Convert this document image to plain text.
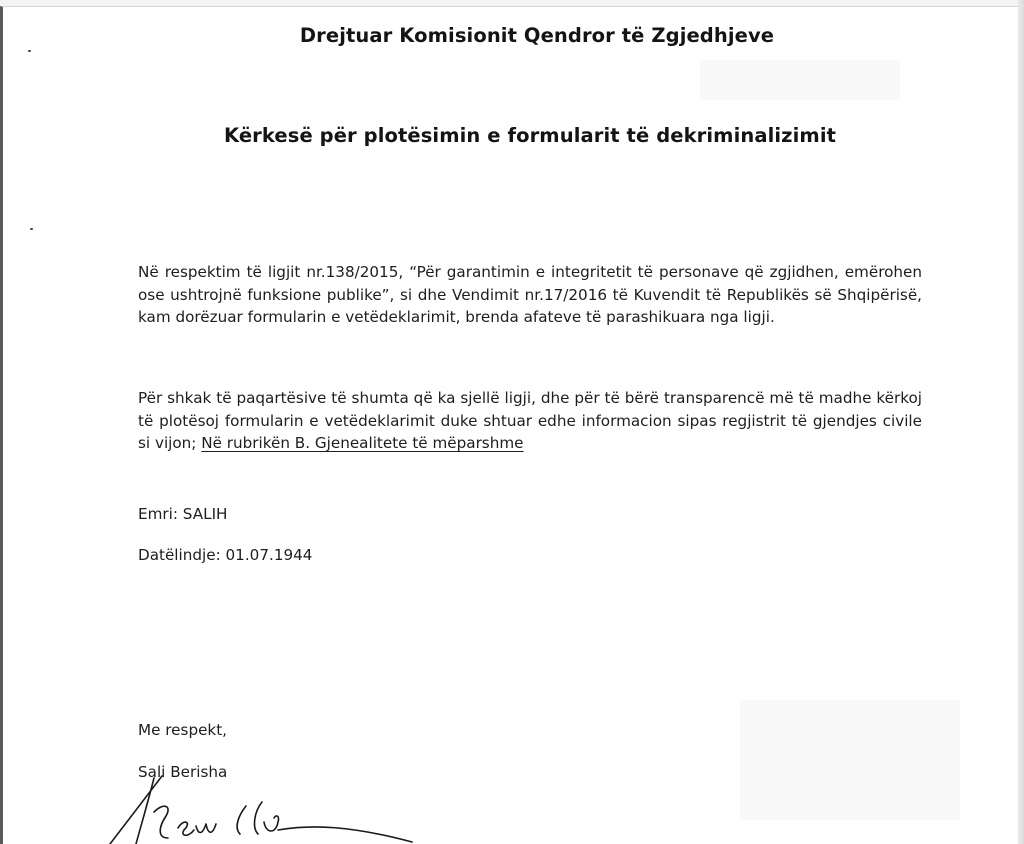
Drejtuar Komisionit Qendror të Zgjedhjeve
Kërkesë për plotësimin e formularit të dekriminalizimit
Në respektim të ligjit nr.138/2015, “Për garantimin e integritetit të personave që zgjidhen, emërohen ose ushtrojnë funksione publike”, si dhe Vendimit nr.17/2016 të Kuvendit të Republikës së Shqipërisë, kam dorëzuar formularin e vetëdeklarimit, brenda afateve të parashikuara nga ligji.
Për shkak të paqartësive të shumta që ka sjellë ligji, dhe për të bërë transparencë më të madhe kërkoj të plotësoj formularin e vetëdeklarimit duke shtuar edhe informacion sipas regjistrit të gjendjes civile si vijon; Në rubrikën B. Gjenealitete të mëparshme
Emri: SALIH
Datëlindje: 01.07.1944
Me respekt,
Sali Berisha
